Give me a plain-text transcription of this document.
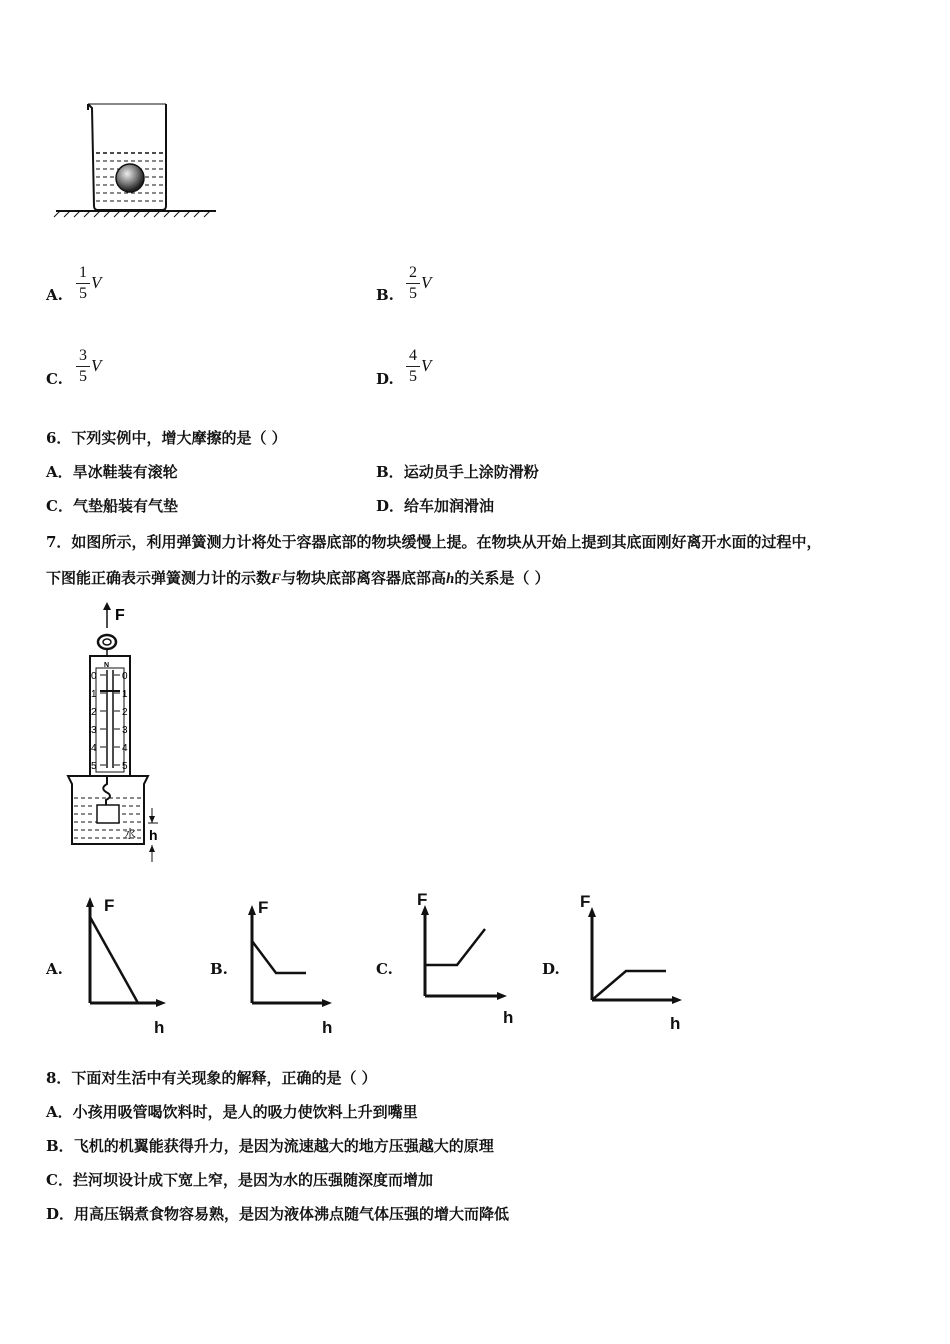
A.
1
5
V
B.
2
5
V
C.
3
5
V
D.
4
5
V
6．下列实例中，增大摩擦的是（ ）
A．旱冰鞋装有滚轮	B．运动员手上涂防滑粉
C．气垫船装有气垫	D．给车加润滑油
7．如图所示，利用弹簧测力计将处于容器底部的物块缓慢上提。在物块从开始上提到其底面刚好离开水面的过程中，
下图能正确表示弹簧测力计的示数F与物块底部离容器底部高h的关系是（ ）
F
N
0	0
1	1
2	2
3	3
4	4
5	5
水 h
A.
F
h
B.
F
h
C.
F
h
D.
F
h
8．下面对生活中有关现象的解释，正确的是（ ）
A．小孩用吸管喝饮料时，是人的吸力使饮料上升到嘴里
B．飞机的机翼能获得升力，是因为流速越大的地方压强越大的原理
C．拦河坝设计成下宽上窄，是因为水的压强随深度而增加
D．用高压锅煮食物容易熟，是因为液体沸点随气体压强的增大而降低
